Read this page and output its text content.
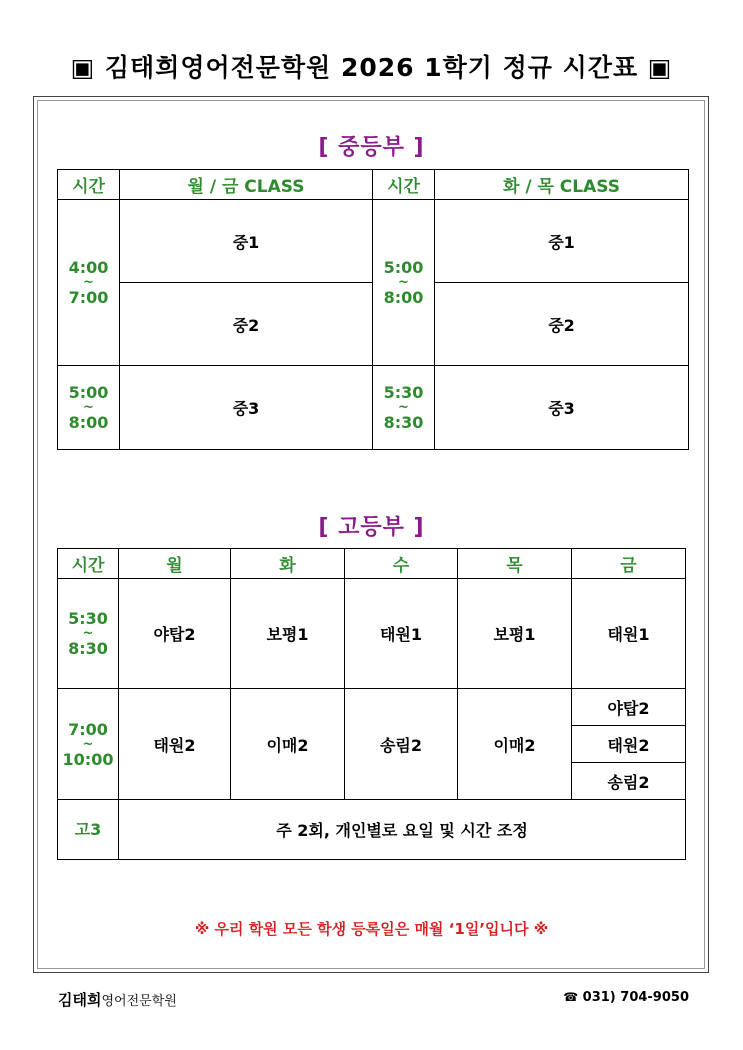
▣ 김태희영어전문학원 2026 1학기 정규 시간표 ▣
[ 중등부 ]
시간	월 / 금 CLASS	시간	화 / 목 CLASS

4:00
~
7:00	중1	5:00
~
8:00	중1
	중2		중2

5:00
~
8:00	중3	5:30
~
8:30	중3
[ 고등부 ]
시간	월	화	수	목	금

5:30
~
8:30	야탑2	보평1	태원1	보평1	태원1

7:00
~
10:00	태원2	이매2	송림2	이매2	야탑2
					태원2
					송림2
고3	주 2회, 개인별로 요일 및 시간 조정				
※ 우리 학원 모든 학생 등록일은 매월 ‘1일’입니다 ※
김태희영어전문학원	☎ 031) 704-9050
